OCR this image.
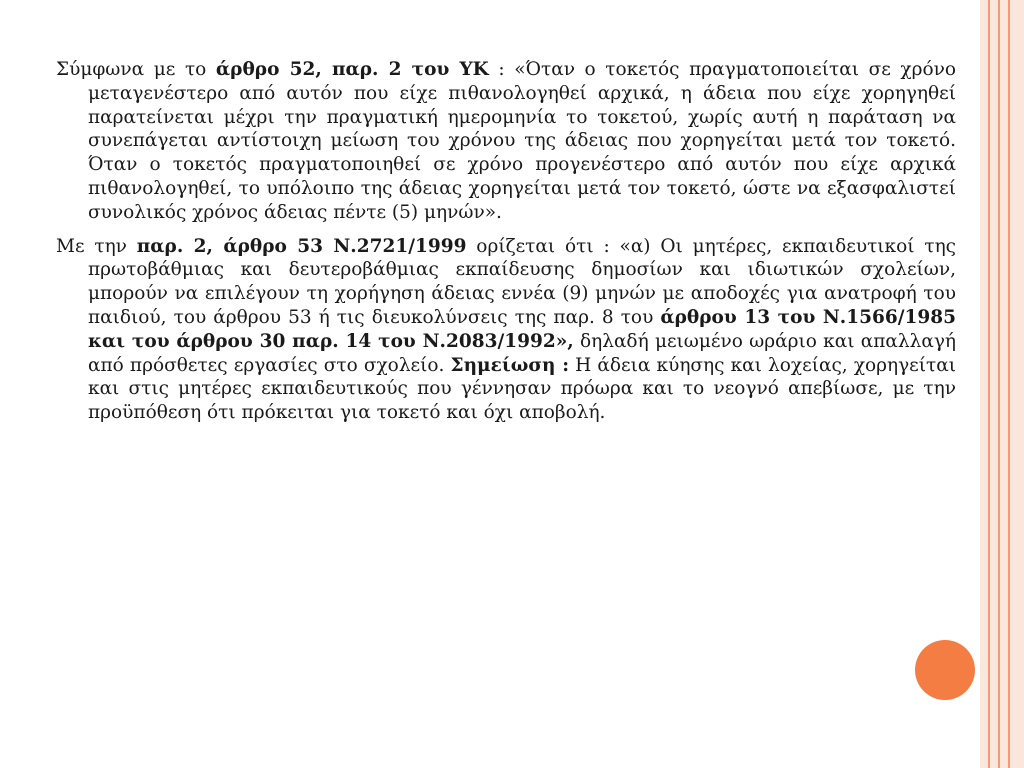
Σύμφωνα με το άρθρο 52, παρ. 2 του ΥΚ : «Όταν ο τοκετός πραγματοποιείται σε χρόνο μεταγενέστερο από αυτόν που είχε πιθανολογηθεί αρχικά, η άδεια που είχε χορηγηθεί παρατείνεται μέχρι την πραγματική ημερομηνία το τοκετού, χωρίς αυτή η παράταση να συνεπάγεται αντίστοιχη μείωση του χρόνου της άδειας που χορηγείται μετά τον τοκετό. Όταν ο τοκετός πραγματοποιηθεί σε χρόνο προγενέστερο από αυτόν που είχε αρχικά πιθανολογηθεί, το υπόλοιπο της άδειας χορηγείται μετά τον τοκετό, ώστε να εξασφαλιστεί συνολικός χρόνος άδειας πέντε (5) μηνών».

Με την παρ. 2, άρθρο 53 Ν.2721/1999 ορίζεται ότι : «α) Οι μητέρες, εκπαιδευτικοί της πρωτοβάθμιας και δευτεροβάθμιας εκπαίδευσης δημοσίων και ιδιωτικών σχολείων, μπορούν να επιλέγουν τη χορήγηση άδειας εννέα (9) μηνών με αποδοχές για ανατροφή του παιδιού, του άρθρου 53 ή τις διευκολύνσεις της παρ. 8 του άρθρου 13 του Ν.1566/1985 και του άρθρου 30 παρ. 14 του Ν.2083/1992», δηλαδή μειωμένο ωράριο και απαλλαγή από πρόσθετες εργασίες στο σχολείο. Σημείωση : Η άδεια κύησης και λοχείας, χορηγείται και στις μητέρες εκπαιδευτικούς που γέννησαν πρόωρα και το νεογνό απεβίωσε, με την προϋπόθεση ότι πρόκειται για τοκετό και όχι αποβολή.
